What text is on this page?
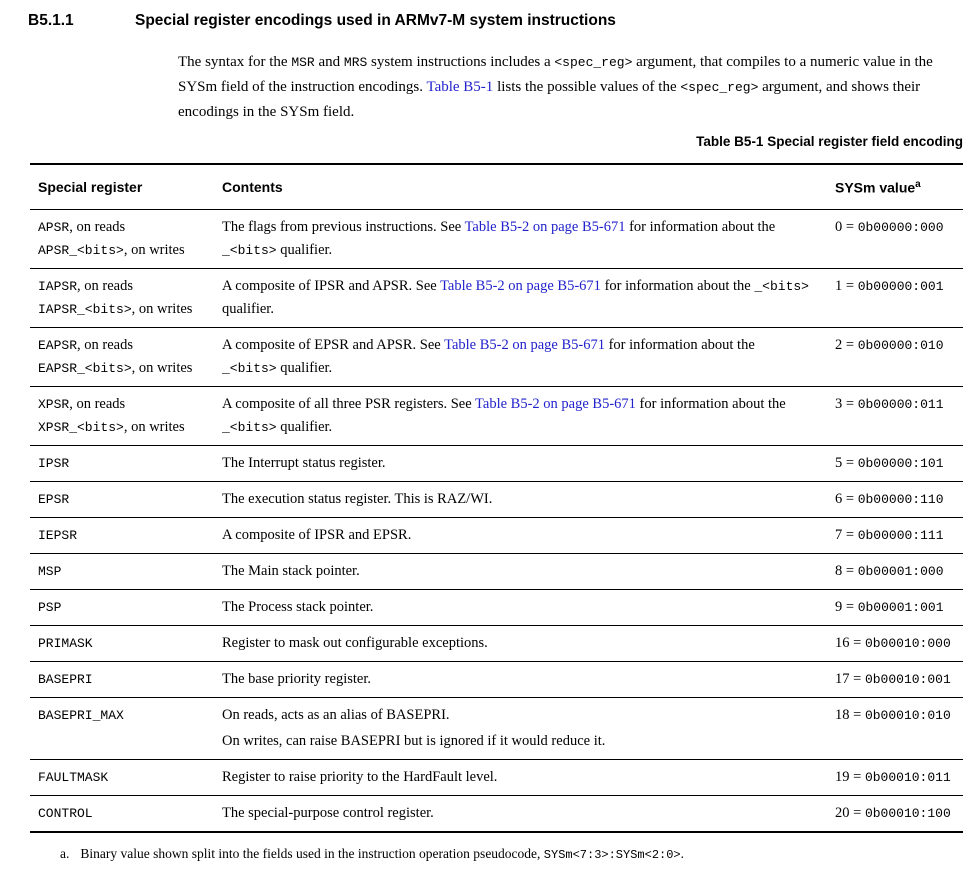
B5.1.1	Special register encodings used in ARMv7-M system instructions

The syntax for the MSR and MRS system instructions includes a <spec_reg> argument, that compiles to a numeric value in the SYSm field of the instruction encodings. Table B5-1 lists the possible values of the <spec_reg> argument, and shows their encodings in the SYSm field.

Table B5-1 Special register field encoding
Special register	Contents	SYSm value$^a$

APSR, on reads
APSR_<bits>, on writes	The flags from previous instructions. See Table B5-2 on page B5-671 for information about the _<bits> qualifier.	0 = 0b00000:000

IAPSR, on reads
IAPSR_<bits>, on writes	A composite of IPSR and APSR. See Table B5-2 on page B5-671 for information about the _<bits> qualifier.	1 = 0b00000:001

EAPSR, on reads
EAPSR_<bits>, on writes	A composite of EPSR and APSR. See Table B5-2 on page B5-671 for information about the _<bits> qualifier.	2 = 0b00000:010

XPSR, on reads
XPSR_<bits>, on writes	A composite of all three PSR registers. See Table B5-2 on page B5-671 for information about the _<bits> qualifier.	3 = 0b00000:011

IPSR	The Interrupt status register.	5 = 0b00000:101

EPSR	The execution status register. This is RAZ/WI.	6 = 0b00000:110

IEPSR	A composite of IPSR and EPSR.	7 = 0b00000:111

MSP	The Main stack pointer.	8 = 0b00001:000

PSP	The Process stack pointer.	9 = 0b00001:001

PRIMASK	Register to mask out configurable exceptions.	16 = 0b00010:000

BASEPRI	The base priority register.	17 = 0b00010:001

BASEPRI_MAX	On reads, acts as an alias of BASEPRI.

On writes, can raise BASEPRI but is ignored if it would reduce it.	18 = 0b00010:010

FAULTMASK	Register to raise priority to the HardFault level.	19 = 0b00010:011

CONTROL	The special-purpose control register.	20 = 0b00010:100
a. Binary value shown split into the fields used in the instruction operation pseudocode, SYSm<7:3>:SYSm<2:0>.
